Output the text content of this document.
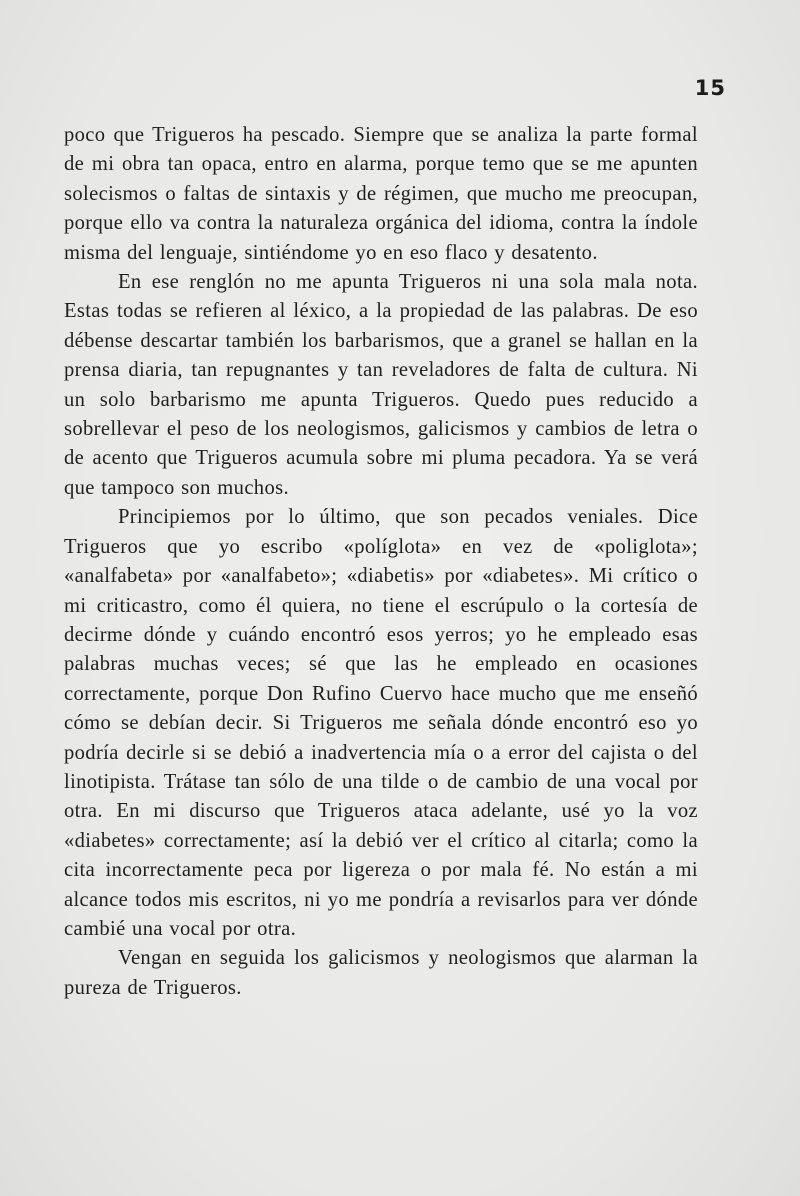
15

poco que Trigueros ha pescado. Siempre que se analiza la parte formal de mi obra tan opaca, entro en alarma, porque temo que se me apunten solecismos o faltas de sintaxis y de régimen, que mucho me preocupan, porque ello va contra la naturaleza orgánica del idioma, contra la índole misma del lenguaje, sintiéndome yo en eso flaco y desatento.

En ese renglón no me apunta Trigueros ni una sola mala nota. Estas todas se refieren al léxico, a la propiedad de las palabras. De eso débense descartar también los barbarismos, que a granel se hallan en la prensa diaria, tan repugnantes y tan reveladores de falta de cultura. Ni un solo barbarismo me apunta Trigueros. Quedo pues reducido a sobrellevar el peso de los neologismos, galicismos y cambios de letra o de acento que Trigueros acumula sobre mi pluma pecadora. Ya se verá que tampoco son muchos.

Principiemos por lo último, que son pecados veniales. Dice Trigueros que yo escribo «políglota» en vez de «poliglota»; «analfabeta» por «analfabeto»; «diabetis» por «diabetes». Mi crítico o mi criticastro, como él quiera, no tiene el escrúpulo o la cortesía de decirme dónde y cuándo encontró esos yerros; yo he empleado esas palabras muchas veces; sé que las he empleado en ocasiones correctamente, porque Don Rufino Cuervo hace mucho que me enseñó cómo se debían decir. Si Trigueros me señala dónde encontró eso yo podría decirle si se debió a inadvertencia mía o a error del cajista o del linotipista. Trátase tan sólo de una tilde o de cambio de una vocal por otra. En mi discurso que Trigueros ataca adelante, usé yo la voz «diabetes» correctamente; así la debió ver el crítico al citarla; como la cita incorrectamente peca por ligereza o por mala fé. No están a mi alcance todos mis escritos, ni yo me pondría a revisarlos para ver dónde cambié una vocal por otra.

Vengan en seguida los galicismos y neologismos que alarman la pureza de Trigueros.
